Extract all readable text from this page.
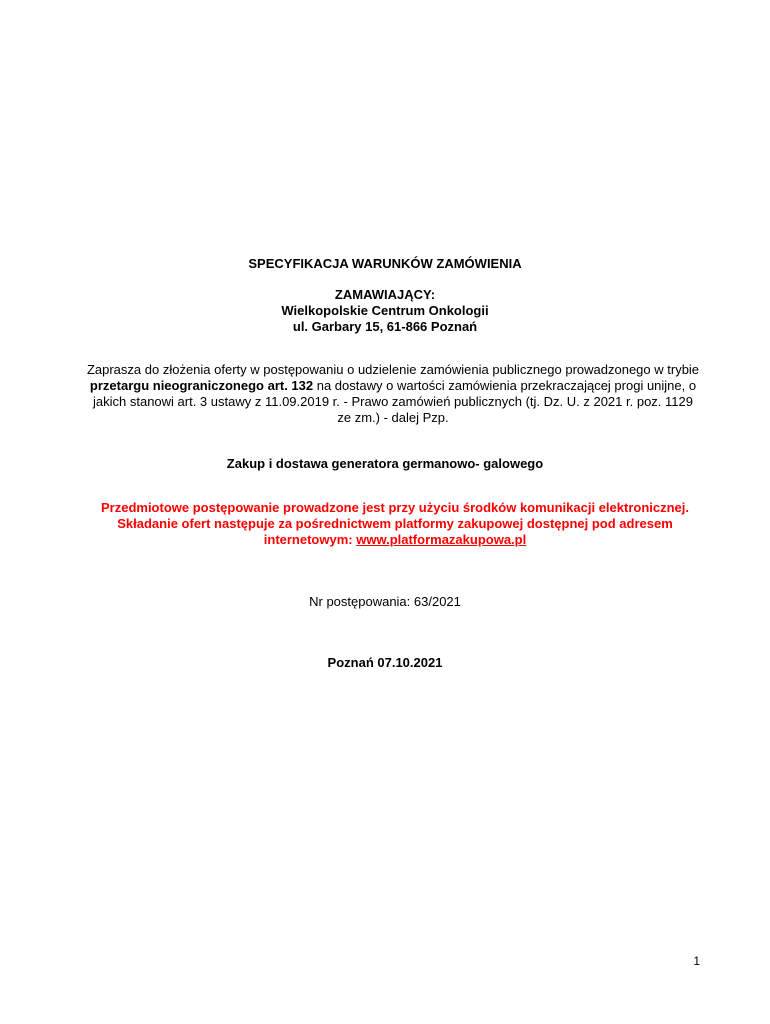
SPECYFIKACJA WARUNKÓW ZAMÓWIENIA
ZAMAWIAJĄCY:
Wielkopolskie Centrum Onkologii
ul. Garbary 15, 61-866 Poznań
Zaprasza do złożenia oferty w postępowaniu o udzielenie zamówienia publicznego prowadzonego w trybie przetargu nieograniczonego art. 132 na dostawy o wartości zamówienia przekraczającej progi unijne, o jakich stanowi art. 3 ustawy z 11.09.2019 r. - Prawo zamówień publicznych (tj. Dz. U. z 2021 r. poz. 1129 ze zm.) - dalej Pzp.
Zakup i dostawa generatora germanowo- galowego
Przedmiotowe postępowanie prowadzone jest przy użyciu środków komunikacji elektronicznej. Składanie ofert następuje za pośrednictwem platformy zakupowej dostępnej pod adresem internetowym: www.platformazakupowa.pl
Nr postępowania: 63/2021
Poznań 07.10.2021
1
